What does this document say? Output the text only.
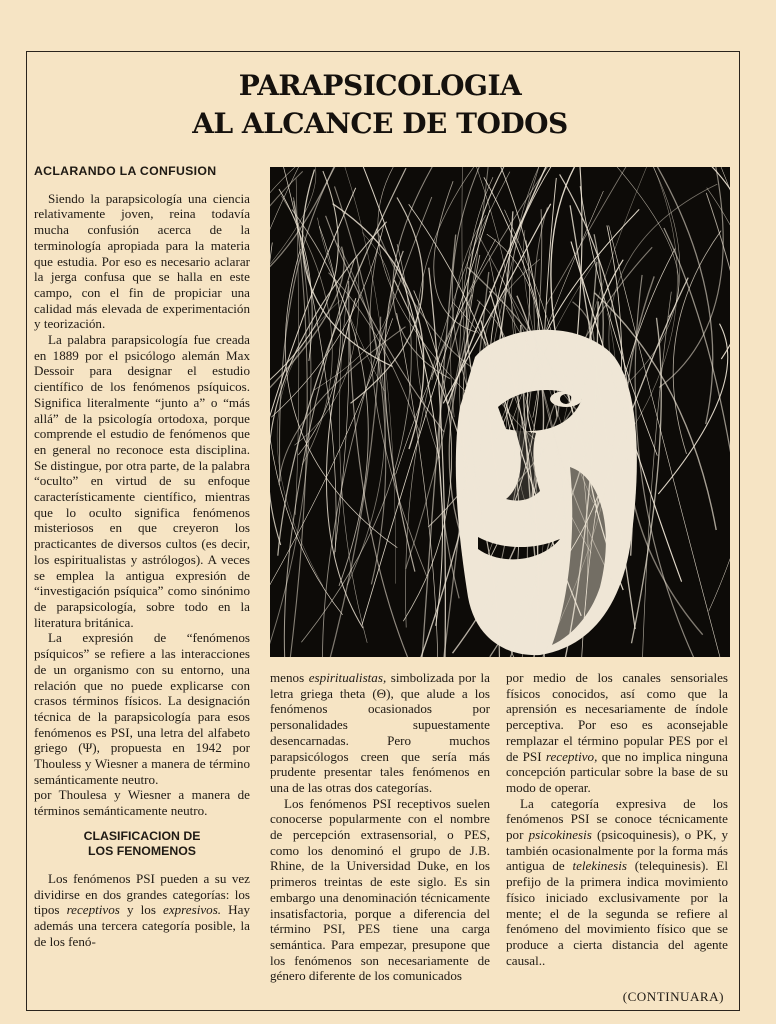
PARAPSICOLOGIA
AL ALCANCE DE TODOS
ACLARANDO LA CONFUSION

Siendo la parapsicología una ciencia relativamente joven, reina todavía mucha confusión acerca de la terminología apropiada para la materia que estudia. Por eso es necesario aclarar la jerga confusa que se halla en este campo, con el fin de propiciar una calidad más elevada de experimentación y teorización.

La palabra parapsicología fue creada en 1889 por el psicólogo alemán Max Dessoir para designar el estudio científico de los fenómenos psíquicos. Significa literalmente “junto a” o “más allá” de la psicología ortodoxa, porque comprende el estudio de fenómenos que en general no reconoce esta disciplina. Se distingue, por otra parte, de la palabra “oculto” en virtud de su enfoque característicamente científico, mientras que lo oculto significa fenómenos misteriosos en que creyeron los practicantes de diversos cultos (es decir, los espiritualistas y astrólogos). A veces se emplea la antigua expresión de “investigación psíquica” como sinónimo de parapsicología, sobre todo en la literatura británica.

La expresión de “fenómenos psíquicos” se refiere a las interacciones de un organismo con su entorno, una relación que no puede explicarse con crasos términos físicos. La designación técnica de la parapsicología para esos fenómenos es PSI, una letra del alfabeto griego (Ψ), propuesta en 1942 por Thouless y Wiesner a manera de término semánticamente neutro.

por Thoulesa y Wiesner a manera de términos semánticamente neutro.

CLASIFICACION DE
LOS FENOMENOS

Los fenómenos PSI pueden a su vez dividirse en dos grandes categorías: los tipos receptivos y los expresivos. Hay además una tercera categoría posible, la de los fenó-

menos espiritualistas, simbolizada por la letra griega theta (Θ), que alude a los fenómenos ocasionados por personalidades supuestamente desencarnadas. Pero muchos parapsicólogos creen que sería más prudente presentar tales fenómenos en una de las otras dos categorías.

Los fenómenos PSI receptivos suelen conocerse popularmente con el nombre de percepción extrasensorial, o PES, como los denominó el grupo de J.B. Rhine, de la Universidad Duke, en los primeros treintas de este siglo. Es sin embargo una denominación técnicamente insatisfactoria, porque a diferencia del término PSI, PES tiene una carga semántica. Para empezar, presupone que los fenómenos son necesariamente de género diferente de los comunicados

por medio de los canales sensoriales físicos conocidos, así como que la aprensión es necesariamente de índole perceptiva. Por eso es aconsejable remplazar el término popular PES por el de PSI receptivo, que no implica ninguna concepción particular sobre la base de su modo de operar.

La categoría expresiva de los fenómenos PSI se conoce técnicamente por psicokinesis (psicoquinesis), o PK, y también ocasionalmente por la forma más antigua de telekinesis (telequinesis). El prefijo de la primera indica movimiento físico iniciado exclusivamente por la mente; el de la segunda se refiere al fenómeno del movimiento físico que se produce a cierta distancia del agente causal..

(CONTINUARA)
